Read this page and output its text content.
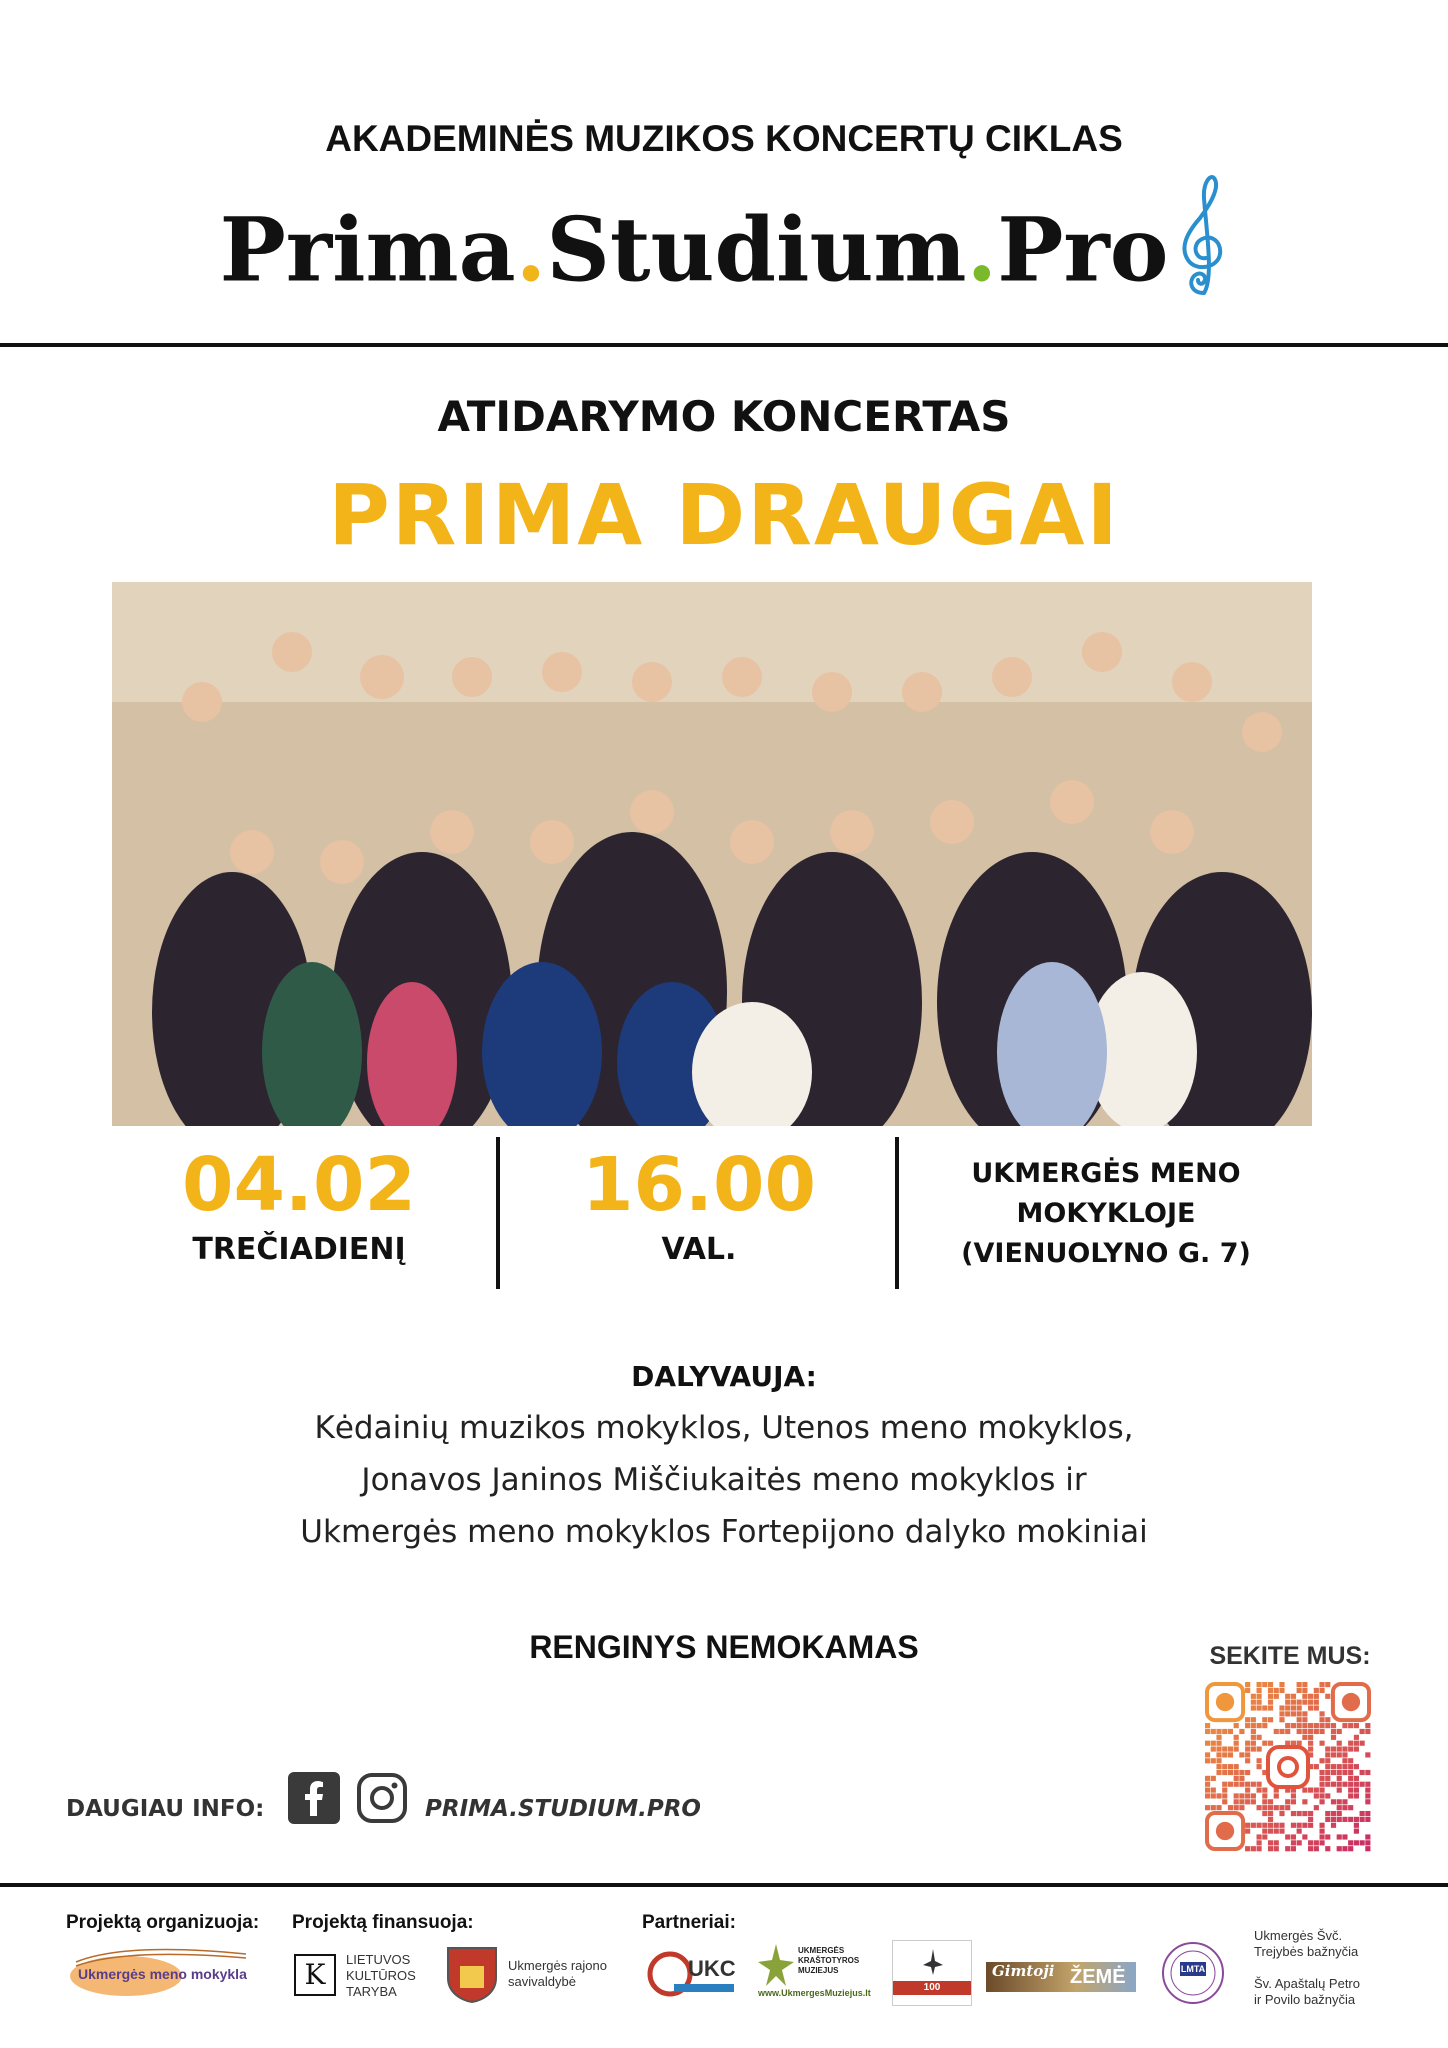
AKADEMINĖS MUZIKOS KONCERTŲ CIKLAS
Prima.Studium.Pro
ATIDARYMO KONCERTAS
PRIMA DRAUGAI
04.02
TREČIADIENĮ
16.00
VAL.
UKMERGĖS MENO
MOKYKLOJE
(VIENUOLYNO G. 7)
DALYVAUJA:
Kėdainių muzikos mokyklos, Utenos meno mokyklos,
Jonavos Janinos Miščiukaitės meno mokyklos ir
Ukmergės meno mokyklos Fortepijono dalyko mokiniai
RENGINYS NEMOKAMAS	SEKITE MUS:
DAUGIAU INFO:	PRIMA.STUDIUM.PRO
Projektą organizuoja:
Ukmergės meno mokykla
Projektą finansuoja:
K	LIETUVOS
KULTŪROS
TARYBA
Ukmergės rajono
savivaldybė
Partneriai:
UKC
UKMERGĖS KRAŠTOTYROS MUZIEJUS
www.UkmergesMuziejus.lt	100
Gimtoji ŽEMĖ	LMTA
Ukmergės Švč.
Trejybės bažnyčia
Šv. Apaštalų Petro
ir Povilo bažnyčia
